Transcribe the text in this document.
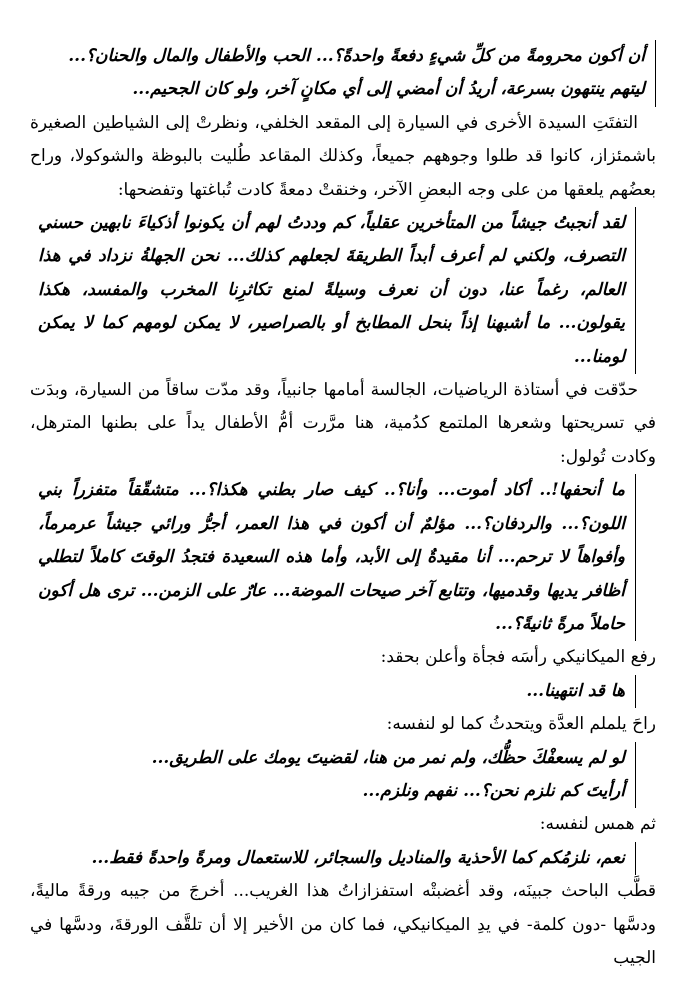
أن أكون محرومةً من كلِّ شيءٍ دفعةً واحدةً؟... الحب والأطفال والمال والحنان؟...
ليتهم ينتهون بسرعة، أريدُ أن أمضي إلى أي مكانٍ آخر، ولو كان الجحيم...

التفتَتِ السيدة الأخرى في السيارة إلى المقعد الخلفي، ونظرتْ إلى الشياطين الصغيرة باشمئزاز، كانوا قد طلوا وجوههم جميعاً، وكذلك المقاعد طُليت بالبوظة والشوكولا، وراح بعضُهم يلعقها من على وجه البعضِ الآخر، وخنقتْ دمعةً كادت تُباغتها وتفضحها:

لقد أنجبتُ جيشاً من المتأخرين عقلياً، كم وددتُ لهم أن يكونوا أذكياءَ نابهين حسني التصرف، ولكني لم أعرف أبداً الطريقةَ لجعلهم كذلك... نحن الجهلةُ نزداد في هذا العالم، رغماً عنا، دون أن نعرف وسيلةً لمنع تكاثرِنا المخرب والمفسد، هكذا يقولون... ما أشبهنا إذاً بنحل المطابخ أو بالصراصير، لا يمكن لومهم كما لا يمكن لومنا...

حدّقت في أستاذة الرياضيات، الجالسة أمامها جانبياً، وقد مدّت ساقاً من السيارة، وبدَت في تسريحتها وشعرها الملتمع كدُمية، هنا مرَّرت أمُّ الأطفال يداً على بطنها المترهل، وكادت تُولول:

ما أنحفها!.. أكاد أموت... وأنا؟.. كيف صار بطني هكذا؟... متشقّقاً متفزراً بني اللون؟... والردفان؟... مؤلمٌ أن أكون في هذا العمر، أجرُّ ورائي جيشاً عرمرماً، وأفواهاً لا ترحم... أنا مقيدةٌ إلى الأبد، وأما هذه السعيدة فتجدُ الوقتَ كاملاً لتطلي أظافر يديها وقدميها، وتتابع آخر صيحات الموضة... عارٌ على الزمن... ترى هل أكون حاملاً مرةً ثانيةً؟...

رفع الميكانيكي رأسَه فجأة وأعلن بحقد:

ها قد انتهينا...

راحَ يلملم العدَّة ويتحدثُ كما لو لنفسه:

لو لم يسعفْكَ حظُّك، ولم نمر من هنا، لقضيتَ يومك على الطريق...
أرأيتَ كم نلزم نحن؟... نفهم ونلزم...

ثم همس لنفسه:

نعم، نلزمُكم كما الأحذية والمناديل والسجائر، للاستعمال ومرةً واحدةً فقط...

قطَّب الباحث جبينَه، وقد أغضبتْه استفزازاتُ هذا الغريب... أخرجَ من جيبه ورقةً ماليةً، ودسَّها -دون كلمة- في يدِ الميكانيكي، فما كان من الأخير إلا أن تلقَّف الورقةَ، ودسَّها في الجيب
